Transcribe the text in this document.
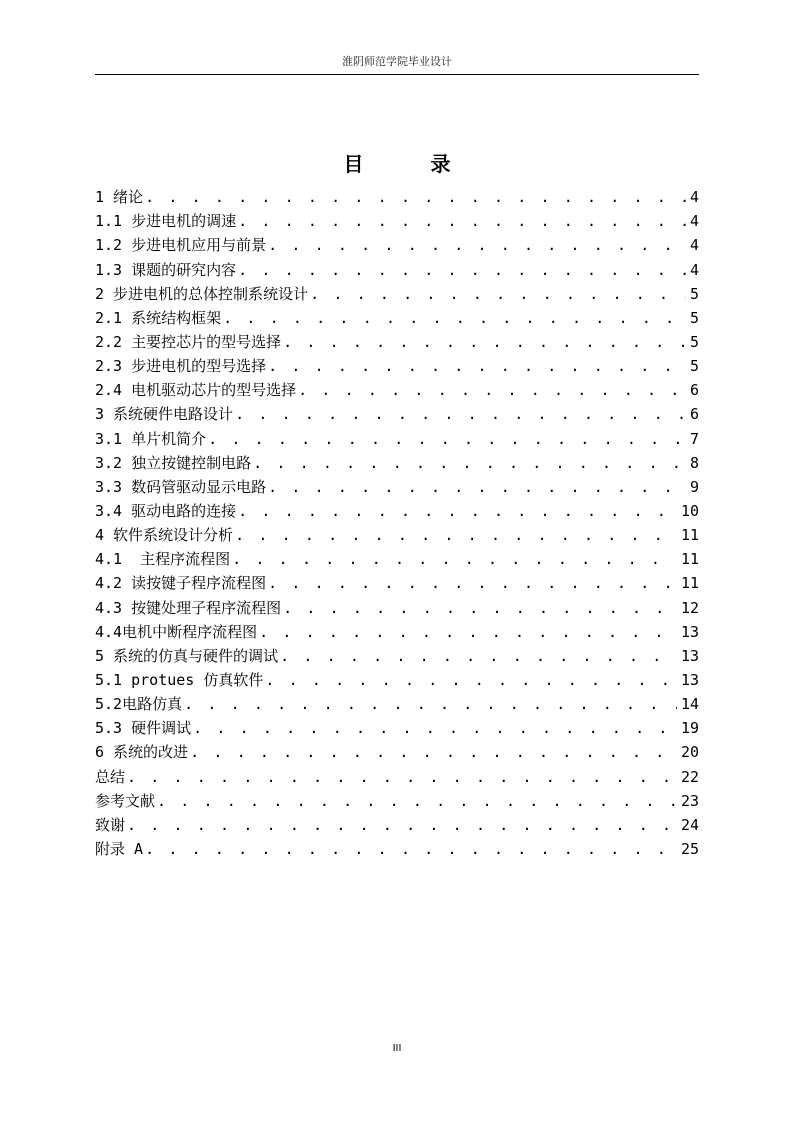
淮阴师范学院毕业设计
目 录
1 绪论 . . .	4
1.1 步进电机的调速 . . .	4
1.2 步进电机应用与前景 . . .	4
1.3 课题的研究内容 . . .	4
2 步进电机的总体控制系统设计 . . .	5
2.1 系统结构框架 . . .	5
2.2 主要控芯片的型号选择 . . .	5
2.3 步进电机的型号选择 . . .	5
2.4 电机驱动芯片的型号选择 . . .	6
3 系统硬件电路设计 . . .	6
3.1 单片机简介 . . .	7
3.2 独立按键控制电路 . . .	8
3.3 数码管驱动显示电路 . . .	9
3.4 驱动电路的连接 . . .	10
4 软件系统设计分析 . . .	11
4.1  主程序流程图 . . .	11
4.2 读按键子程序流程图 . . .	11
4.3 按键处理子程序流程图 . . .	12
4.4电机中断程序流程图 . . .	13
5 系统的仿真与硬件的调试 . . .	13
5.1 protues 仿真软件 . . .	13
5.2电路仿真 . . .	14
5.3 硬件调试 . . .	19
6 系统的改进 . . .	20
总结 . . .	22
参考文献 . . .	23
致谢 . . .	24
附录 A . . .	25
III
